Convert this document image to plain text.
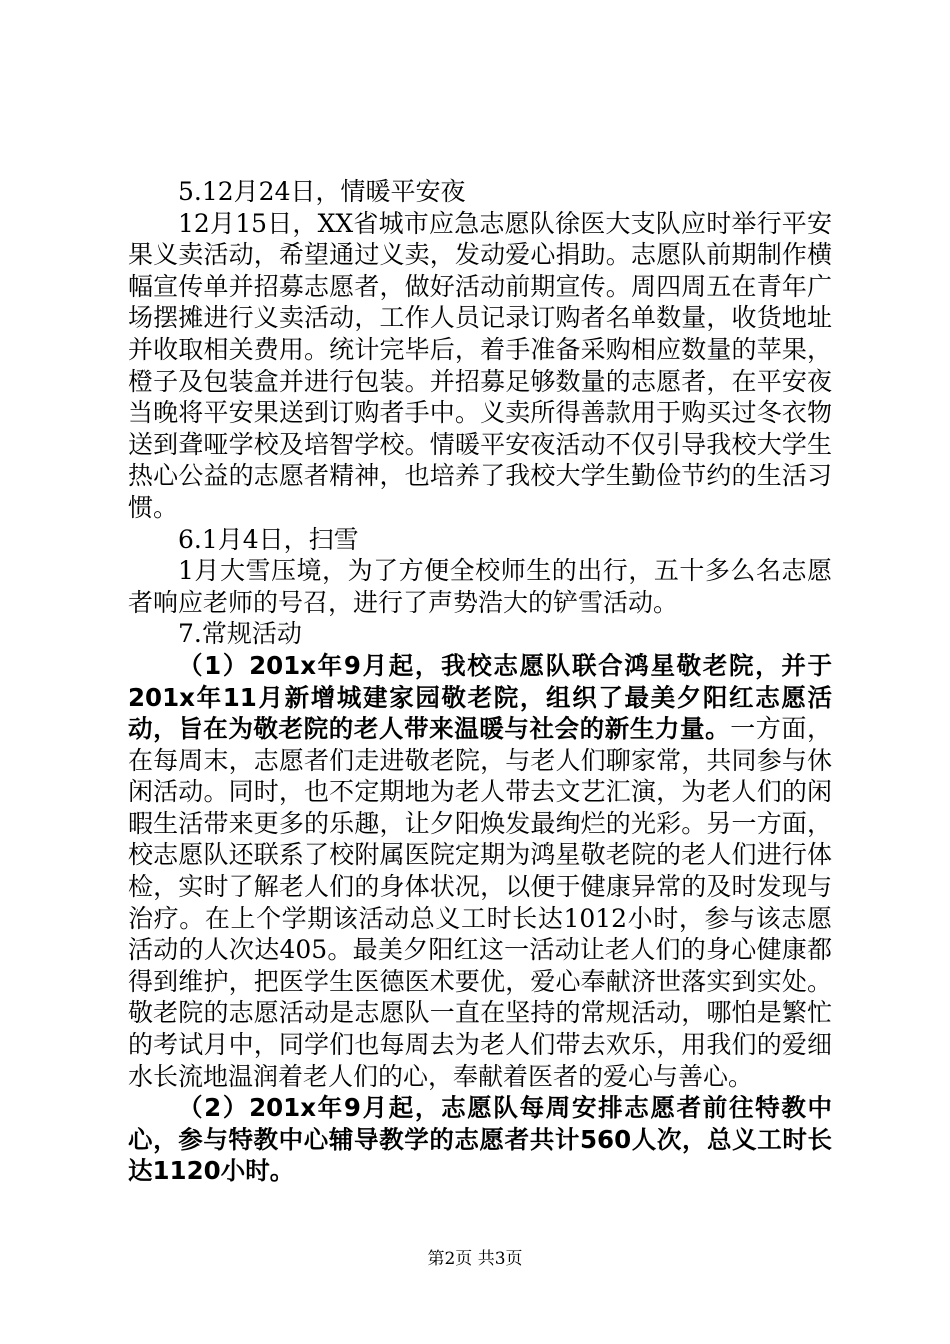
5.12月24日，情暖平安夜

12月15日，XX省城市应急志愿队徐医大支队应时举行平安果义卖活动，希望通过义卖，发动爱心捐助。志愿队前期制作横幅宣传单并招募志愿者，做好活动前期宣传。周四周五在青年广场摆摊进行义卖活动，工作人员记录订购者名单数量，收货地址并收取相关费用。统计完毕后，着手准备采购相应数量的苹果，橙子及包装盒并进行包装。并招募足够数量的志愿者，在平安夜当晚将平安果送到订购者手中。义卖所得善款用于购买过冬衣物送到聋哑学校及培智学校。情暖平安夜活动不仅引导我校大学生热心公益的志愿者精神，也培养了我校大学生勤俭节约的生活习惯。

6.1月4日，扫雪

1月大雪压境，为了方便全校师生的出行，五十多么名志愿者响应老师的号召，进行了声势浩大的铲雪活动。

7.常规活动

（1）201x年9月起，我校志愿队联合鸿星敬老院，并于201x年11月新增城建家园敬老院，组织了最美夕阳红志愿活动，旨在为敬老院的老人带来温暖与社会的新生力量。一方面，在每周末，志愿者们走进敬老院，与老人们聊家常，共同参与休闲活动。同时，也不定期地为老人带去文艺汇演，为老人们的闲暇生活带来更多的乐趣，让夕阳焕发最绚烂的光彩。另一方面，校志愿队还联系了校附属医院定期为鸿星敬老院的老人们进行体检，实时了解老人们的身体状况，以便于健康异常的及时发现与治疗。在上个学期该活动总义工时长达1012小时，参与该志愿活动的人次达405。最美夕阳红这一活动让老人们的身心健康都得到维护，把医学生医德医术要优，爱心奉献济世落实到实处。敬老院的志愿活动是志愿队一直在坚持的常规活动，哪怕是繁忙的考试月中，同学们也每周去为老人们带去欢乐，用我们的爱细水长流地温润着老人们的心，奉献着医者的爱心与善心。

（2）201x年9月起，志愿队每周安排志愿者前往特教中心，参与特教中心辅导教学的志愿者共计560人次，总义工时长达1120小时。

第2页 共3页
